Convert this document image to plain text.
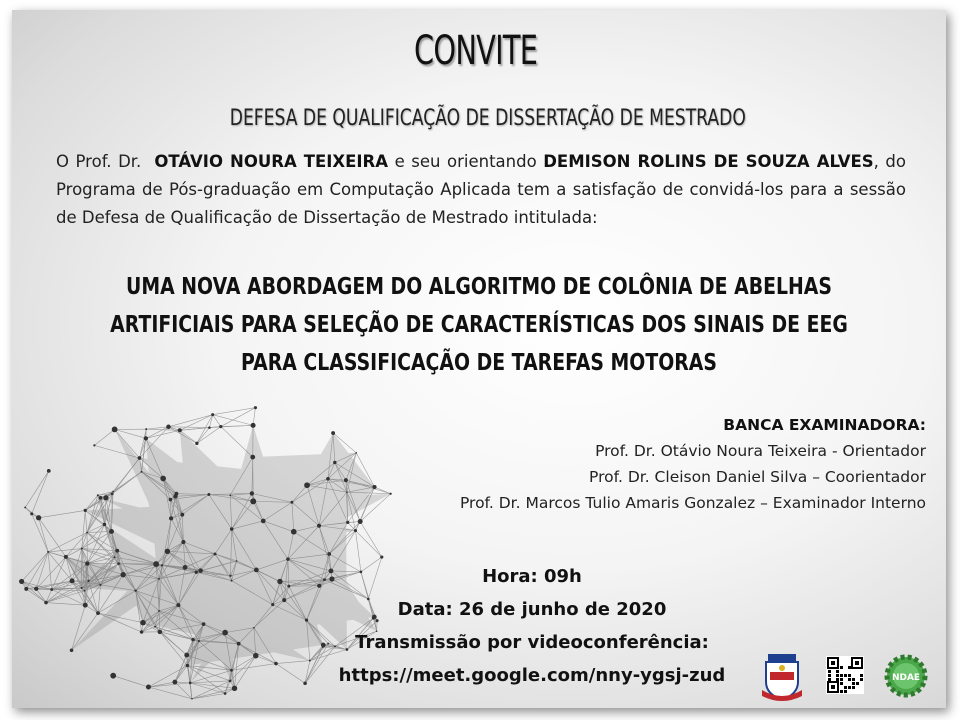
CONVITE
DEFESA DE QUALIFICAÇÃO DE DISSERTAÇÃO DE MESTRADO
O Prof. Dr. OTÁVIO NOURA TEIXEIRA e seu orientando DEMISON ROLINS DE SOUZA ALVES, do Programa de Pós-graduação em Computação Aplicada tem a satisfação de convidá-los para a sessão de Defesa de Qualificação de Dissertação de Mestrado intitulada:
UMA NOVA ABORDAGEM DO ALGORITMO DE COLÔNIA DE ABELHAS
ARTIFICIAIS PARA SELEÇÃO DE CARACTERÍSTICAS DOS SINAIS DE EEG
PARA CLASSIFICAÇÃO DE TAREFAS MOTORAS
BANCA EXAMINADORA:
Prof. Dr. Otávio Noura Teixeira - Orientador
Prof. Dr. Cleison Daniel Silva – Coorientador
Prof. Dr. Marcos Tulio Amaris Gonzalez – Examinador Interno
Hora: 09h
Data: 26 de junho de 2020
Transmissão por videoconferência:
https://meet.google.com/nny-ygsj-zud	NDAE
